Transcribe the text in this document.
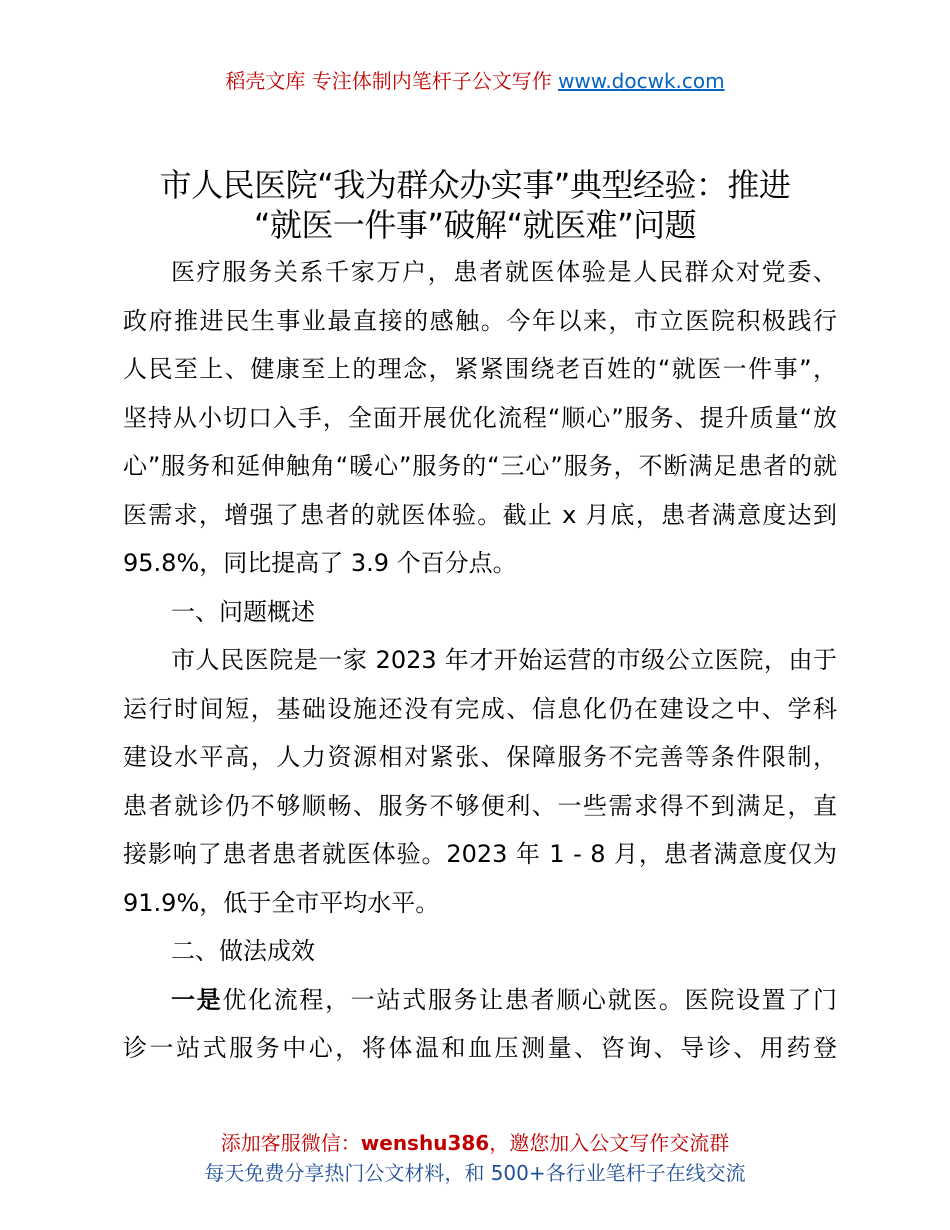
稻壳文库 专注体制内笔杆子公文写作 www.docwk.com
市人民医院“我为群众办实事”典型经验：推进
“就医一件事”破解“就医难”问题
医疗服务关系千家万户，患者就医体验是人民群众对党委、
政府推进民生事业最直接的感触。今年以来，市立医院积极践行
人民至上、健康至上的理念，紧紧围绕老百姓的“就医一件事”，
坚持从小切口入手，全面开展优化流程“顺心”服务、提升质量“放
心”服务和延伸触角“暖心”服务的“三心”服务，不断满足患者的就
医需求，增强了患者的就医体验。截止 x 月底，患者满意度达到
95.8%，同比提高了 3.9 个百分点。
一、问题概述
市人民医院是一家 2023 年才开始运营的市级公立医院，由于
运行时间短，基础设施还没有完成、信息化仍在建设之中、学科
建设水平高，人力资源相对紧张、保障服务不完善等条件限制，
患者就诊仍不够顺畅、服务不够便利、一些需求得不到满足，直
接影响了患者患者就医体验。2023 年 1 - 8 月，患者满意度仅为
91.9%，低于全市平均水平。
二、做法成效
一是优化流程，一站式服务让患者顺心就医。医院设置了门
诊一站式服务中心，将体温和血压测量、咨询、导诊、用药登
添加客服微信：wenshu386，邀您加入公文写作交流群
每天免费分享热门公文材料，和 500+各行业笔杆子在线交流
